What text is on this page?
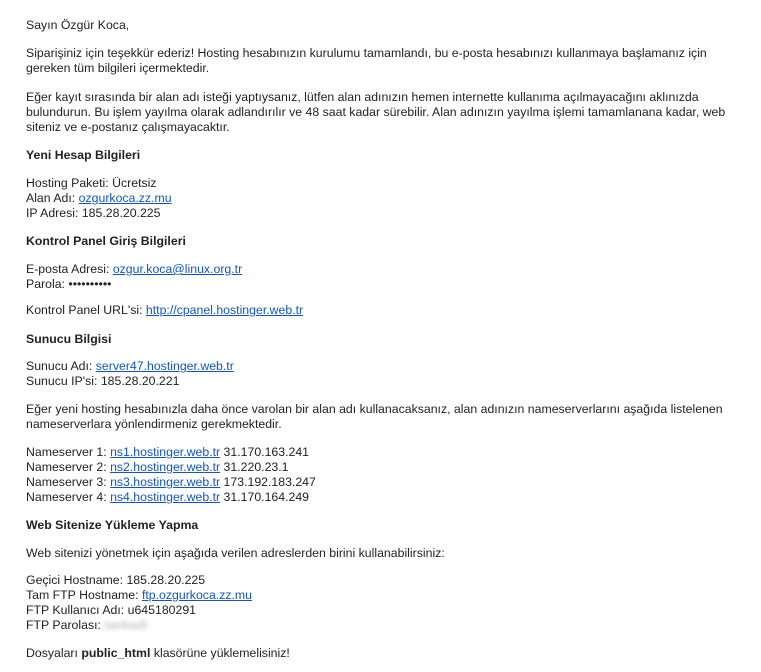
Sayın Özgür Koca,

Siparişiniz için teşekkür ederiz! Hosting hesabınızın kurulumu tamamlandı, bu e-posta hesabınızı kullanmaya başlamanız için gereken tüm bilgileri içermektedir.

Eğer kayıt sırasında bir alan adı isteği yaptıysanız, lütfen alan adınızın hemen internette kullanıma açılmayacağını aklınızda bulundurun. Bu işlem yayılma olarak adlandırılır ve 48 saat kadar sürebilir. Alan adınızın yayılma işlemi tamamlanana kadar, web siteniz ve e-postanız çalışmayacaktır.

Yeni Hesap Bilgileri

Hosting Paketi: Ücretsiz

Alan Adı: ozgurkoca.zz.mu

IP Adresi: 185.28.20.225

Kontrol Panel Giriş Bilgileri

E-posta Adresi: ozgur.koca@linux.org.tr

Parola: ••••••••••

Kontrol Panel URL'si: http://cpanel.hostinger.web.tr

Sunucu Bilgisi

Sunucu Adı: server47.hostinger.web.tr

Sunucu IP'si: 185.28.20.221

Eğer yeni hosting hesabınızla daha önce varolan bir alan adı kullanacaksanız, alan adınızın nameserverlarını aşağıda listelenen nameserverlara yönlendirmeniz gerekmektedir.

Nameserver 1: ns1.hostinger.web.tr 31.170.163.241

Nameserver 2: ns2.hostinger.web.tr 31.220.23.1

Nameserver 3: ns3.hostinger.web.tr 173.192.183.247

Nameserver 4: ns4.hostinger.web.tr 31.170.164.249

Web Sitenize Yükleme Yapma

Web sitenizi yönetmek için aşağıda verilen adreslerden birini kullanabilirsiniz:

Geçici Hostname: 185.28.20.225

Tam FTP Hostname: ftp.ozgurkoca.zz.mu

FTP Kullanıcı Adı: u645180291

FTP Parolası: tankadl

Dosyaları public_html klasörüne yüklemelisiniz!
